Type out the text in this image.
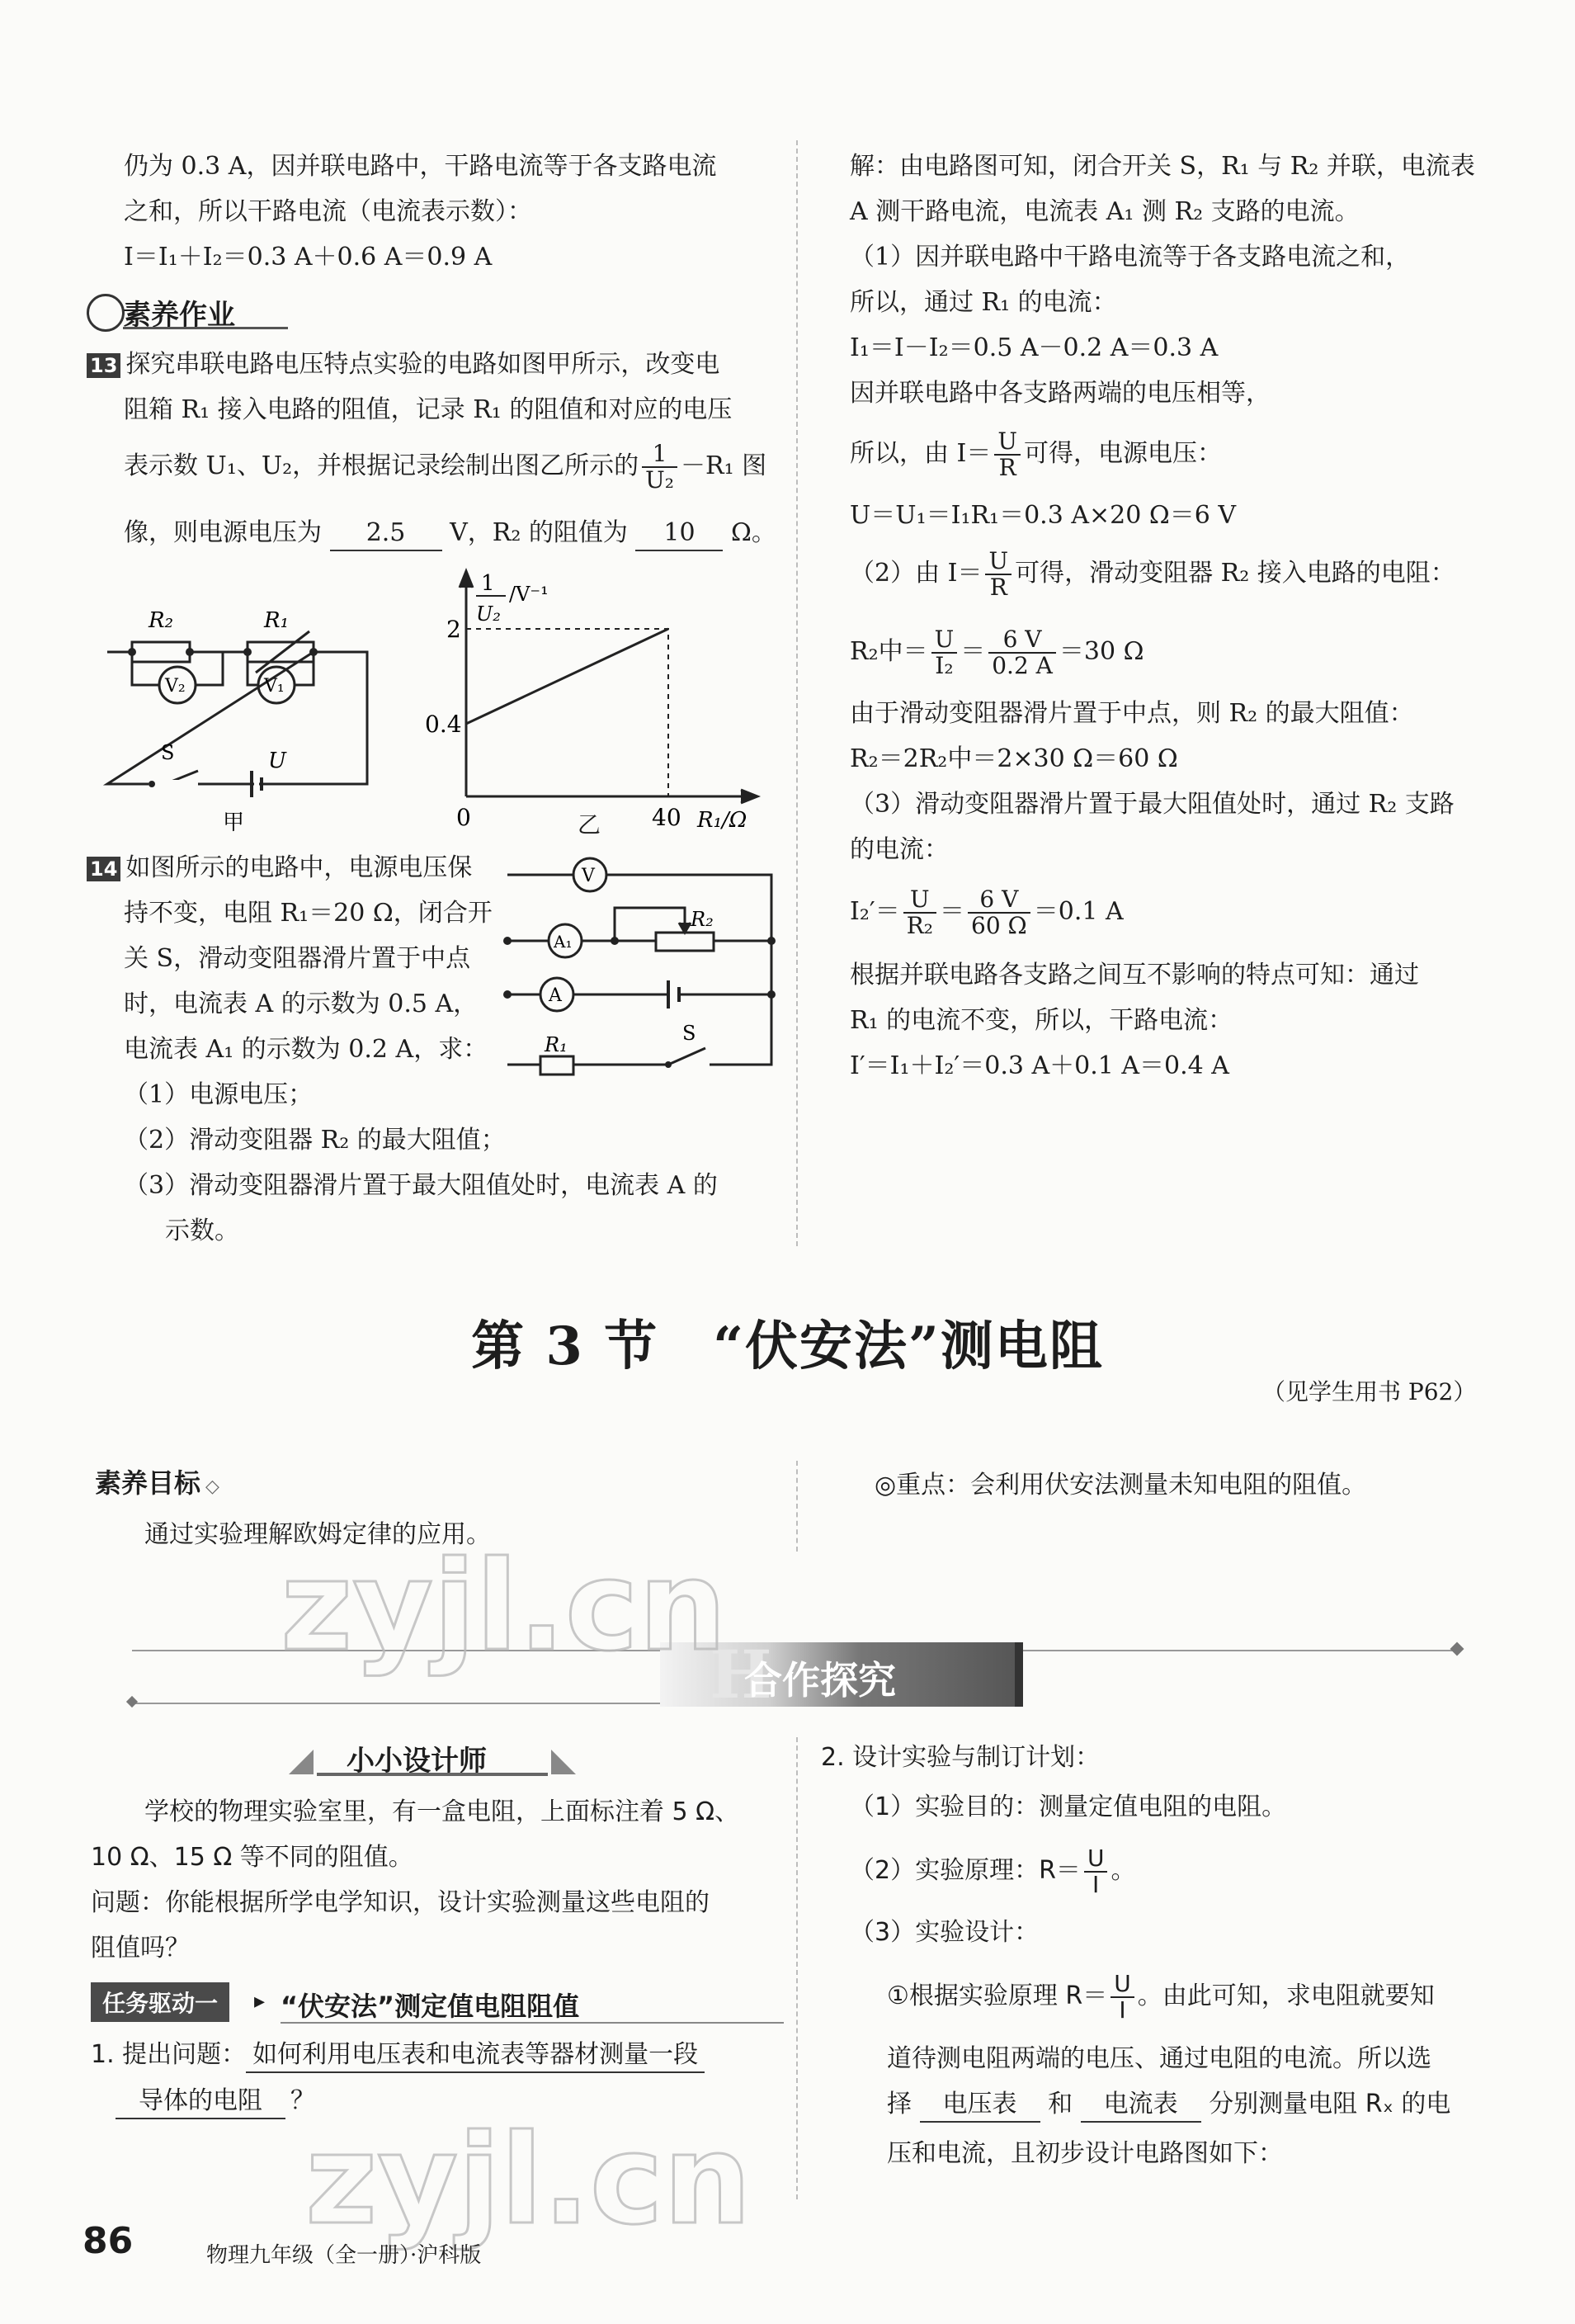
仍为 0.3 A，因并联电路中，干路电流等于各支路电流
之和，所以干路电流（电流表示数）：
I＝I₁＋I₂＝0.3 A＋0.6 A＝0.9 A
素养作业
13 探究串联电路电压特点实验的电路如图甲所示，改变电
阻箱 R₁ 接入电路的阻值，记录 R₁ 的阻值和对应的电压
表示数 U₁、U₂，并根据记录绘制出图乙所示的 $\frac{1}{\text{U₂}} -R_1$ 图
像，则电源电压为 2.5 V，R₂ 的阻值为 10 Ω。
R₂	R₁
V₂	V₁
S	U
甲
1
U₂
/V⁻¹
2
0.4
0	40 R₁/Ω
乙
14 如图所示的电路中，电源电压保
持不变，电阻 R₁＝20 Ω，闭合开
关 S，滑动变阻器滑片置于中点
时，电流表 A 的示数为 0.5 A，
电流表 A₁ 的示数为 0.2 A，求：
（1）电源电压；
（2）滑动变阻器 R₂ 的最大阻值；
（3）滑动变阻器滑片置于最大阻值处时，电流表 A 的
示数。
V
A₁
A
R₂
R₁	S
解：由电路图可知，闭合开关 S，R₁ 与 R₂ 并联，电流表
A 测干路电流，电流表 A₁ 测 R₂ 支路的电流。
（1）因并联电路中干路电流等于各支路电流之和，
所以，通过 R₁ 的电流：
I₁＝I－I₂＝0.5 A－0.2 A＝0.3 A
因并联电路中各支路两端的电压相等，
所以，由 $I= \frac{U}{R}$ 可得，电源电压：
U＝U₁＝I₁R₁＝0.3 A×20 Ω＝6 V
（2）由 $I= \frac{U}{R}$ 可得，滑动变阻器 R₂ 接入电路的电阻：
R₂中＝ $\frac{U}{\text{I₂}} = \frac{6 V}{0.2 A} =30$ Ω
由于滑动变阻器滑片置于中点，则 R₂ 的最大阻值：
R₂＝2R₂中＝2×30 Ω＝60 Ω
（3）滑动变阻器滑片置于最大阻值处时，通过 R₂ 支路
的电流：
$I_2'= \frac{U}{\text{R₂}} = \frac{6 V}{60 \Omega} =0.1$ A
根据并联电路各支路之间互不影响的特点可知：通过
R₁ 的电流不变，所以，干路电流：
I′＝I₁＋I₂′＝0.3 A＋0.1 A＝0.4 A
第 3 节　“伏安法”测电阻
（见学生用书 P62）
素养目标 ◇
通过实验理解欧姆定律的应用。
◎重点：会利用伏安法测量未知电阻的阻值。
H
合作探究
小小设计师
学校的物理实验室里，有一盒电阻，上面标注着 5 Ω、
10 Ω、15 Ω 等不同的阻值。
问题：你能根据所学电学知识，设计实验测量这些电阻的
阻值吗？
任务驱动一	▸ “伏安法”测定值电阻阻值
1. 提出问题： 如何利用电压表和电流表等器材测量一段
导体的电阻 ？
2. 设计实验与制订计划：
（1）实验目的：测量定值电阻的电阻。
（2）实验原理：$R= \frac{U}{I}$ 。
（3）实验设计：
①根据实验原理 $R= \frac{U}{I}$ 。由此可知，求电阻就要知
道待测电阻两端的电压、通过电阻的电流。所以选
择 电压表 和 电流表 分别测量电阻 Rₓ 的电
压和电流，且初步设计电路图如下：
zyjl.cn
zyjl.cn
86	物理九年级（全一册）·沪科版
